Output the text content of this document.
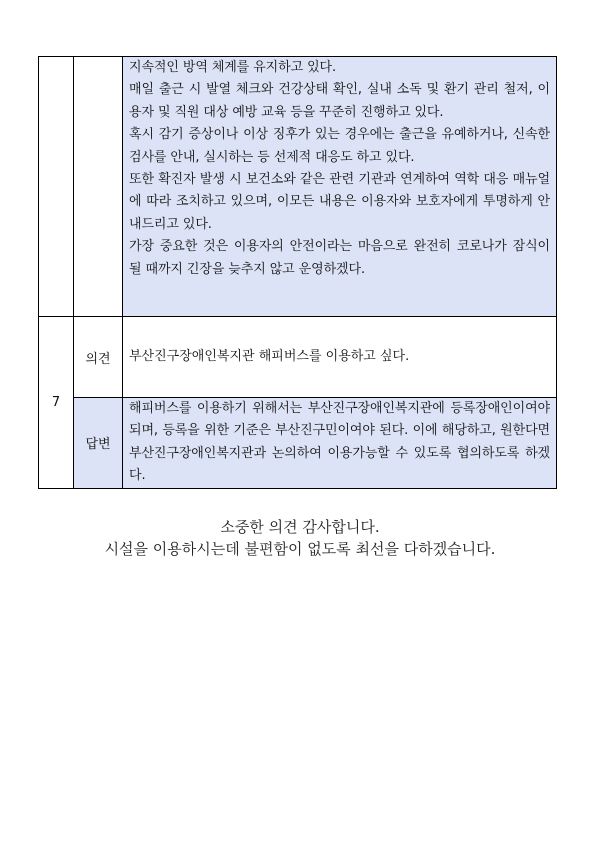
		지속적인 방역 체계를 유지하고 있다.

매일 출근 시 발열 체크와 건강상태 확인, 실내 소독 및 환기 관리 철저, 이용자 및 직원 대상 예방 교육 등을 꾸준히 진행하고 있다.

혹시 감기 증상이나 이상 징후가 있는 경우에는 출근을 유예하거나, 신속한 검사를 안내, 실시하는 등 선제적 대응도 하고 있다.

또한 확진자 발생 시 보건소와 같은 관련 기관과 연계하여 역학 대응 매뉴얼에 따라 조치하고 있으며, 이모든 내용은 이용자와 보호자에게 투명하게 안내드리고 있다.

가장 중요한 것은 이용자의 안전이라는 마음으로 완전히 코로나가 잠식이 될 때까지 긴장을 늦추지 않고 운영하겠다.

7	의견	부산진구장애인복지관 해피버스를 이용하고 싶다.
	답변	해피버스를 이용하기 위해서는 부산진구장애인복지관에 등록장애인이여야되며, 등록을 위한 기준은 부산진구민이여야 된다. 이에 해당하고, 원한다면 부산진구장애인복지관과 논의하여 이용가능할 수 있도록 협의하도록 하겠다.

소중한 의견 감사합니다.
시설을 이용하시는데 불편함이 없도록 최선을 다하겠습니다.
